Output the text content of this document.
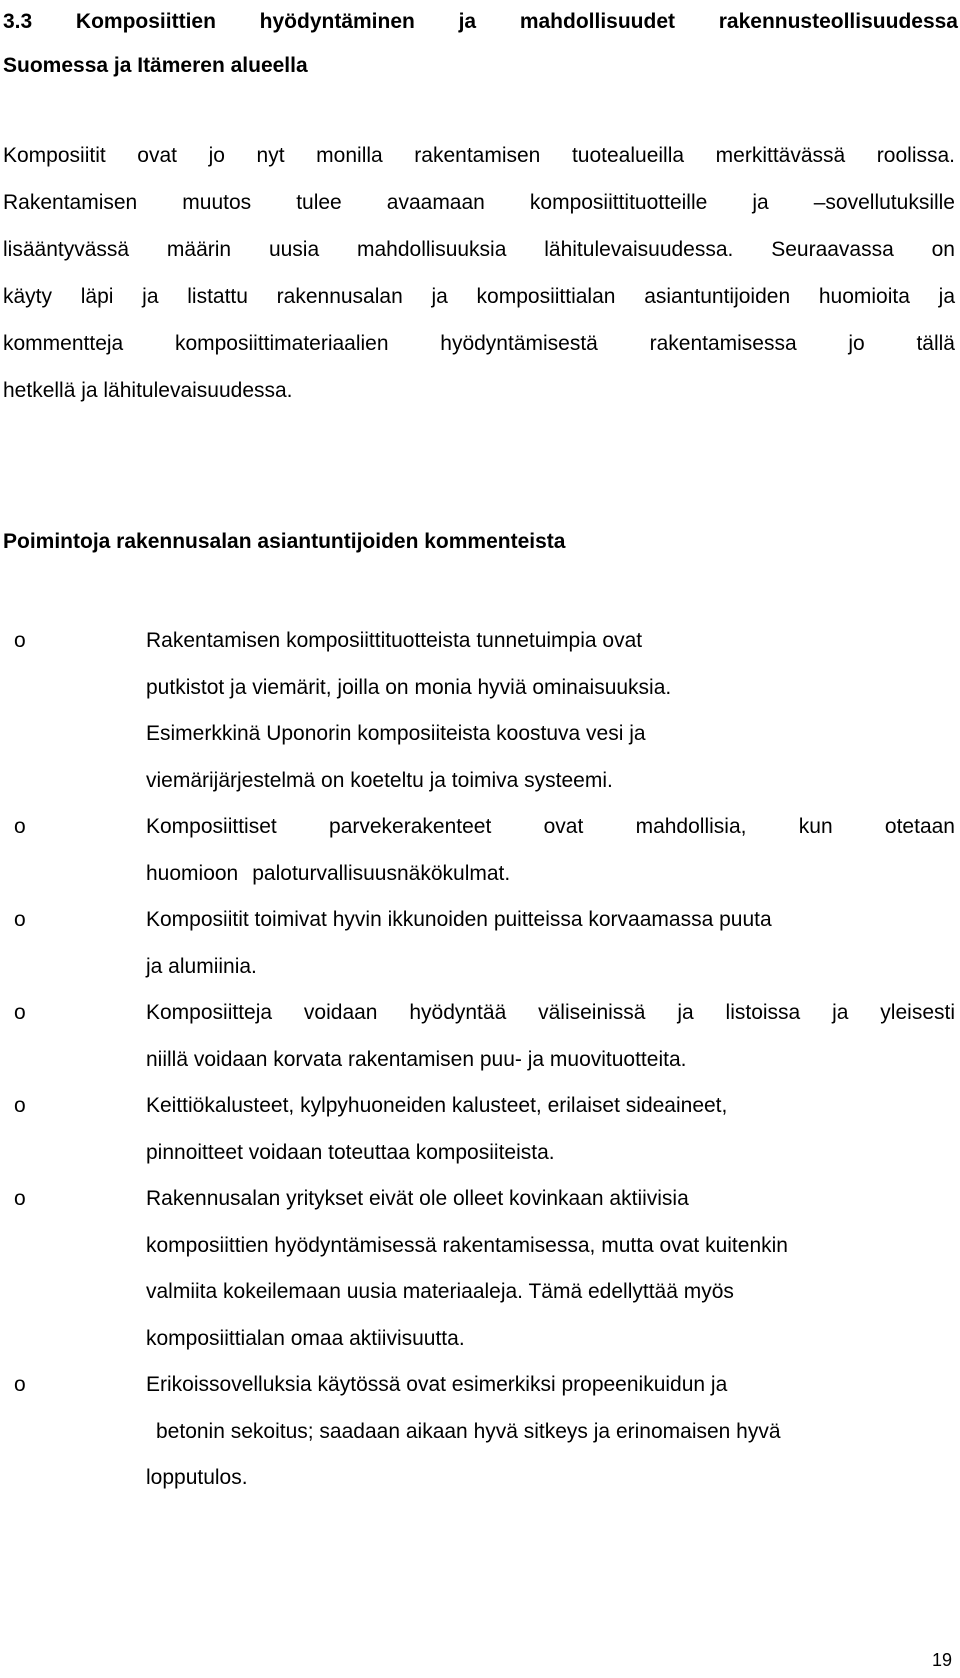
3.3 Komposiittien hyödyntäminen ja mahdollisuudet rakennusteollisuudessa
Suomessa ja Itämeren alueella

Komposiitit ovat jo nyt monilla rakentamisen tuotealueilla merkittävässä roolissa.
Rakentamisen muutos tulee avaamaan komposiittituotteille ja –sovellutuksille
lisääntyvässä määrin uusia mahdollisuuksia lähitulevaisuudessa. Seuraavassa on
käyty läpi ja listattu rakennusalan ja komposiittialan asiantuntijoiden huomioita ja
kommentteja komposiittimateriaalien hyödyntämisestä rakentamisessa jo tällä
hetkellä ja lähitulevaisuudessa.

Poimintoja rakennusalan asiantuntijoiden kommenteista
o	Rakentamisen komposiittituotteista tunnetuimpia ovat
putkistot ja viemärit, joilla on monia hyviä ominaisuuksia.
Esimerkkinä Uponorin komposiiteista koostuva vesi ja
viemärijärjestelmä on koeteltu ja toimiva systeemi.
o	Komposiittiset parvekerakenteet ovat mahdollisia, kun otetaan
huomioon paloturvallisuusnäkökulmat.
o	Komposiitit toimivat hyvin ikkunoiden puitteissa korvaamassa puuta
ja alumiinia.
o	Komposiitteja voidaan hyödyntää väliseinissä ja listoissa ja yleisesti
niillä voidaan korvata rakentamisen puu- ja muovituotteita.
o	Keittiökalusteet, kylpyhuoneiden kalusteet, erilaiset sideaineet,
pinnoitteet voidaan toteuttaa komposiiteista.
o	Rakennusalan yritykset eivät ole olleet kovinkaan aktiivisia
komposiittien hyödyntämisessä rakentamisessa, mutta ovat kuitenkin
valmiita kokeilemaan uusia materiaaleja. Tämä edellyttää myös
komposiittialan omaa aktiivisuutta.
o	Erikoissovelluksia käytössä ovat esimerkiksi propeenikuidun ja
betonin sekoitus; saadaan aikaan hyvä sitkeys ja erinomaisen hyvä
lopputulos.
19
